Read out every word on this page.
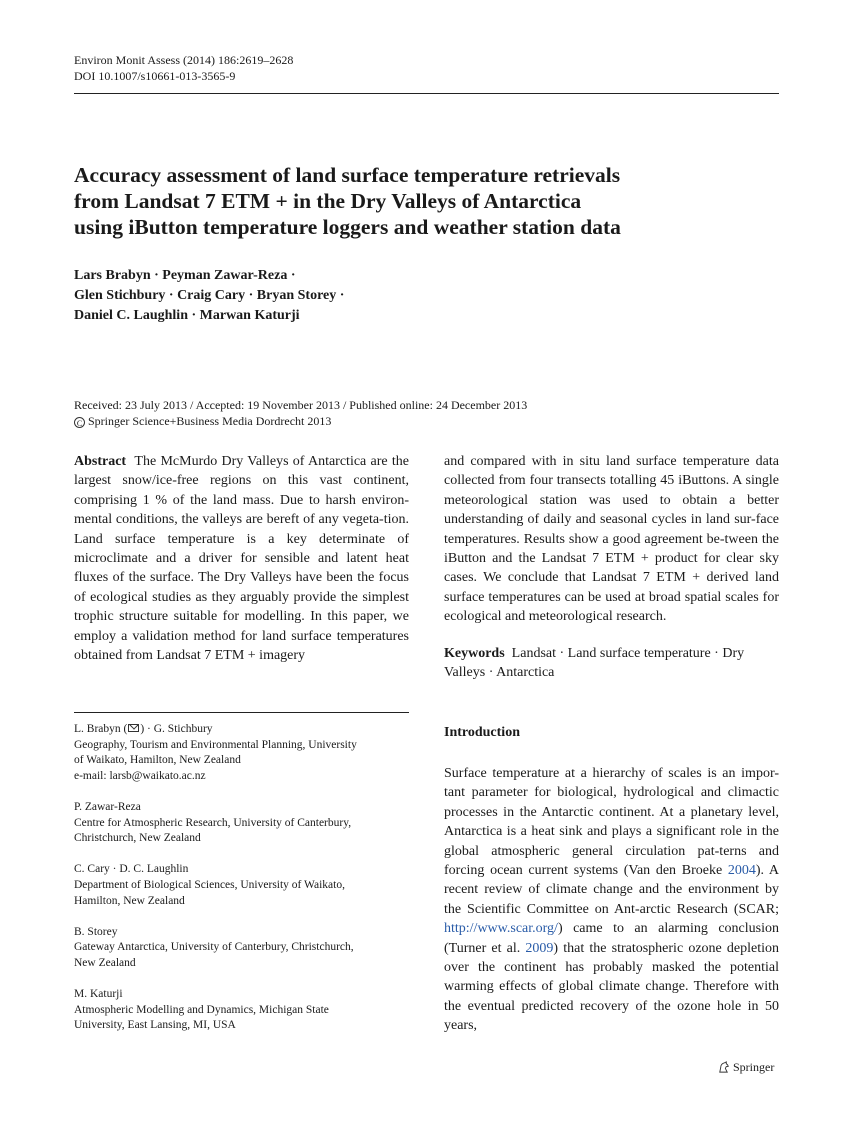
Environ Monit Assess (2014) 186:2619–2628
DOI 10.1007/s10661-013-3565-9
Accuracy assessment of land surface temperature retrievals
from Landsat 7 ETM + in the Dry Valleys of Antarctica
using iButton temperature loggers and weather station data
Lars Brabyn · Peyman Zawar-Reza ·
Glen Stichbury · Craig Cary · Bryan Storey ·
Daniel C. Laughlin · Marwan Katurji
Received: 23 July 2013 / Accepted: 19 November 2013 / Published online: 24 December 2013
C Springer Science+Business Media Dordrecht 2013

Abstract The McMurdo Dry Valleys of Antarctica are the largest snow/ice-free regions on this vast continent, comprising 1 % of the land mass. Due to harsh environ-mental conditions, the valleys are bereft of any vegeta-tion. Land surface temperature is a key determinate of microclimate and a driver for sensible and latent heat fluxes of the surface. The Dry Valleys have been the focus of ecological studies as they arguably provide the simplest trophic structure suitable for modelling. In this paper, we employ a validation method for land surface temperatures obtained from Landsat 7 ETM + imagery

and compared with in situ land surface temperature data collected from four transects totalling 45 iButtons. A single meteorological station was used to obtain a better understanding of daily and seasonal cycles in land sur-face temperatures. Results show a good agreement be-tween the iButton and the Landsat 7 ETM + product for clear sky cases. We conclude that Landsat 7 ETM + derived land surface temperatures can be used at broad spatial scales for ecological and meteorological research.

Keywords Landsat · Land surface temperature · Dry Valleys · Antarctica

L. Brabyn ( ) · G. Stichbury
Geography, Tourism and Environmental Planning, University
of Waikato, Hamilton, New Zealand
e-mail: larsb@waikato.ac.nz
P. Zawar-Reza
Centre for Atmospheric Research, University of Canterbury,
Christchurch, New Zealand
C. Cary · D. C. Laughlin
Department of Biological Sciences, University of Waikato,
Hamilton, New Zealand
B. Storey
Gateway Antarctica, University of Canterbury, Christchurch,
New Zealand
M. Katurji
Atmospheric Modelling and Dynamics, Michigan State
University, East Lansing, MI, USA
Introduction

Surface temperature at a hierarchy of scales is an impor-tant parameter for biological, hydrological and climactic processes in the Antarctic continent. At a planetary level, Antarctica is a heat sink and plays a significant role in the global atmospheric general circulation pat-terns and forcing ocean current systems (Van den Broeke 2004). A recent review of climate change and the environment by the Scientific Committee on Ant-arctic Research (SCAR; http://www.scar.org/) came to an alarming conclusion (Turner et al. 2009) that the stratospheric ozone depletion over the continent has probably masked the potential warming effects of global climate change. Therefore with the eventual predicted recovery of the ozone hole in 50 years,

Springer
